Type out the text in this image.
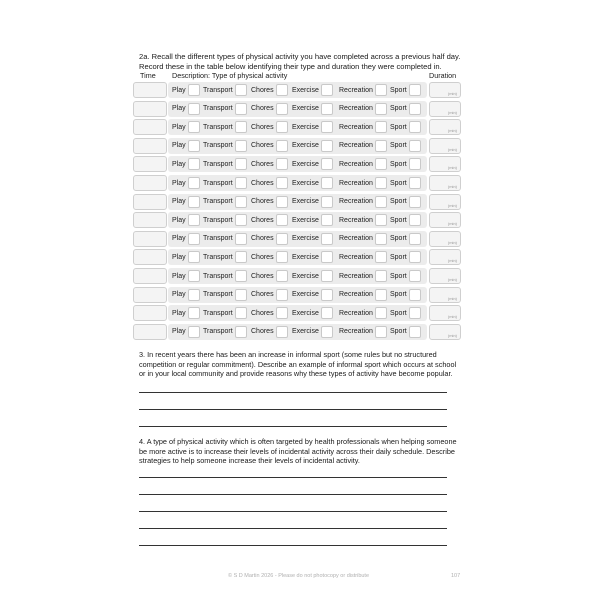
2a. Recall the different types of physical activity you have completed across a previous half day.

Record these in the table below identifying their type and duration they were completed in.

Time Description: Type of physical activity	Duration
Play Transport	Chores	Exercise	Recreation Sport	(min)
Play Transport	Chores	Exercise	Recreation Sport	(min)
Play Transport	Chores	Exercise	Recreation Sport	(min)
Play Transport	Chores	Exercise	Recreation Sport	(min)
Play Transport	Chores	Exercise	Recreation Sport	(min)
Play Transport	Chores	Exercise	Recreation Sport	(min)
Play Transport	Chores	Exercise	Recreation Sport	(min)
Play Transport	Chores	Exercise	Recreation Sport	(min)
Play Transport	Chores	Exercise	Recreation Sport	(min)
Play Transport	Chores	Exercise	Recreation Sport	(min)
Play Transport	Chores	Exercise	Recreation Sport	(min)
Play Transport	Chores	Exercise	Recreation Sport	(min)
Play Transport	Chores	Exercise	Recreation Sport	(min)
Play Transport	Chores	Exercise	Recreation Sport	(min)

3. In recent years there has been an increase in informal sport (some rules but no structured competition or regular commitment). Describe an example of informal sport which occurs at school or in your local community and provide reasons why these types of activity have become popular.

4. A type of physical activity which is often targeted by health professionals when helping someone be more active is to increase their levels of incidental activity across their daily schedule. Describe strategies to help someone increase their levels of incidental activity.

© S D Martin 2026 - Please do not photocopy or distribute	107
